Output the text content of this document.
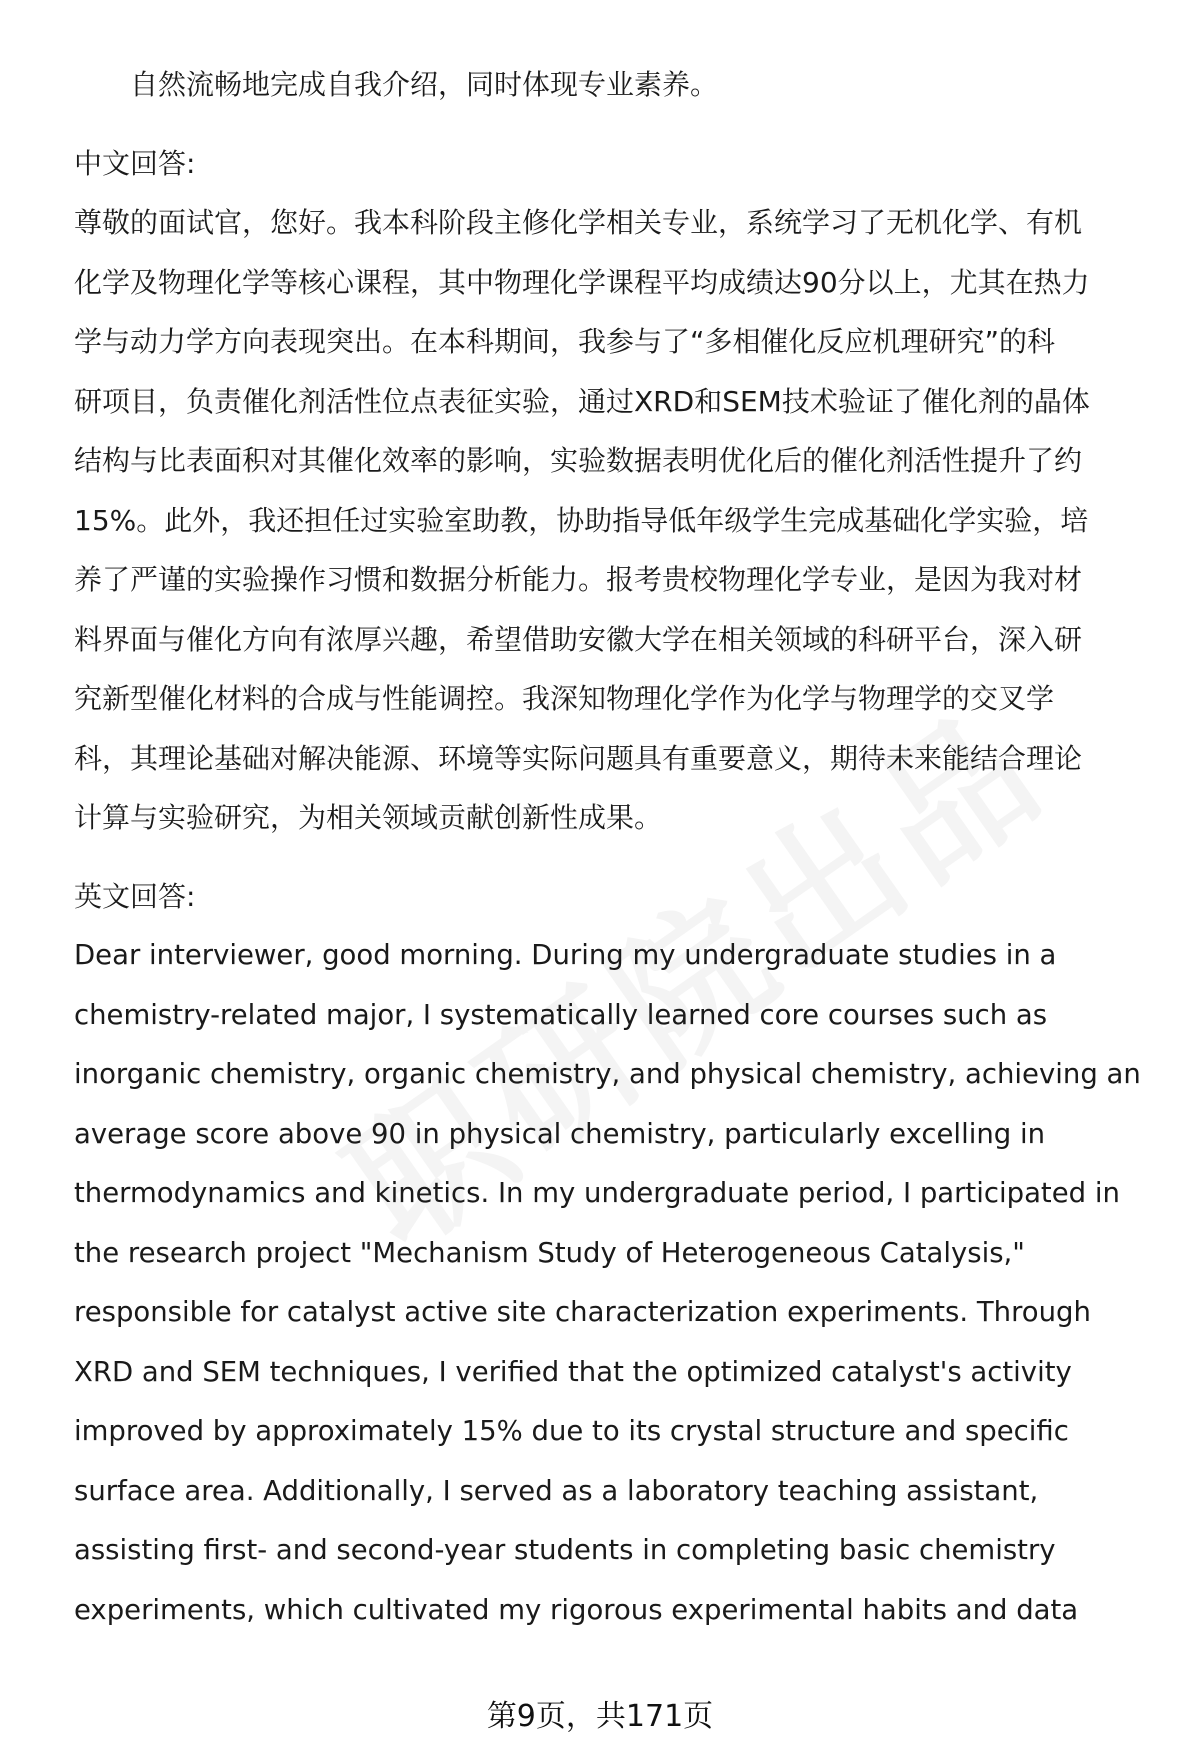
自然流畅地完成自我介绍，同时体现专业素养。
中文回答:
尊敬的面试官，您好。我本科阶段主修化学相关专业，系统学习了无机化学、有机
化学及物理化学等核心课程，其中物理化学课程平均成绩达90分以上，尤其在热力
学与动力学方向表现突出。在本科期间，我参与了“多相催化反应机理研究”的科
研项目，负责催化剂活性位点表征实验，通过XRD和SEM技术验证了催化剂的晶体
结构与比表面积对其催化效率的影响，实验数据表明优化后的催化剂活性提升了约
15%。此外，我还担任过实验室助教，协助指导低年级学生完成基础化学实验，培
养了严谨的实验操作习惯和数据分析能力。报考贵校物理化学专业，是因为我对材
料界面与催化方向有浓厚兴趣，希望借助安徽大学在相关领域的科研平台，深入研
究新型催化材料的合成与性能调控。我深知物理化学作为化学与物理学的交叉学
科，其理论基础对解决能源、环境等实际问题具有重要意义，期待未来能结合理论
计算与实验研究，为相关领域贡献创新性成果。
英文回答:
Dear interviewer, good morning. During my undergraduate studies in a
chemistry-related major, I systematically learned core courses such as
inorganic chemistry, organic chemistry, and physical chemistry, achieving an
average score above 90 in physical chemistry, particularly excelling in
thermodynamics and kinetics. In my undergraduate period, I participated in
the research project "Mechanism Study of Heterogeneous Catalysis,"
responsible for catalyst active site characterization experiments. Through
XRD and SEM techniques, I verified that the optimized catalyst's activity
improved by approximately 15% due to its crystal structure and specific
surface area. Additionally, I served as a laboratory teaching assistant,
assisting first- and second-year students in completing basic chemistry
experiments, which cultivated my rigorous experimental habits and data
第9页，共171页
